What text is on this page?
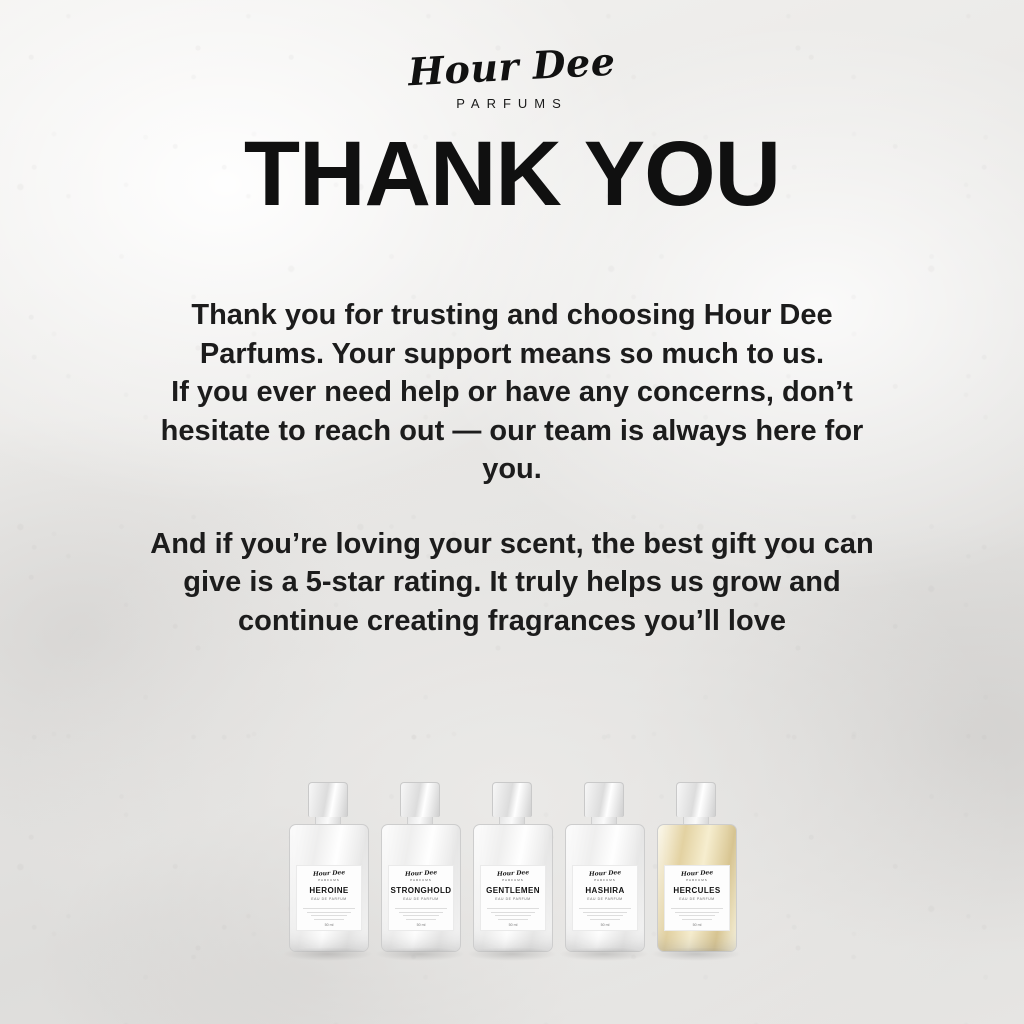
Hour Dee
PARFUMS
THANK YOU

Thank you for trusting and choosing Hour Dee Parfums. Your support means so much to us.

If you ever need help or have any concerns, don’t hesitate to reach out — our team is always here for you.

And if you’re loving your scent, the best gift you can give is a 5-star rating. It truly helps us grow and continue creating fragrances you’ll love

Hour Dee
PARFUMS
HEROINE
EAU DE PARFUM
50 ml
Hour Dee
PARFUMS
STRONGHOLD
EAU DE PARFUM
50 ml
Hour Dee
PARFUMS
GENTLEMEN
EAU DE PARFUM
50 ml
Hour Dee
PARFUMS
HASHIRA
EAU DE PARFUM
50 ml
Hour Dee
PARFUMS
HERCULES
EAU DE PARFUM
50 ml
